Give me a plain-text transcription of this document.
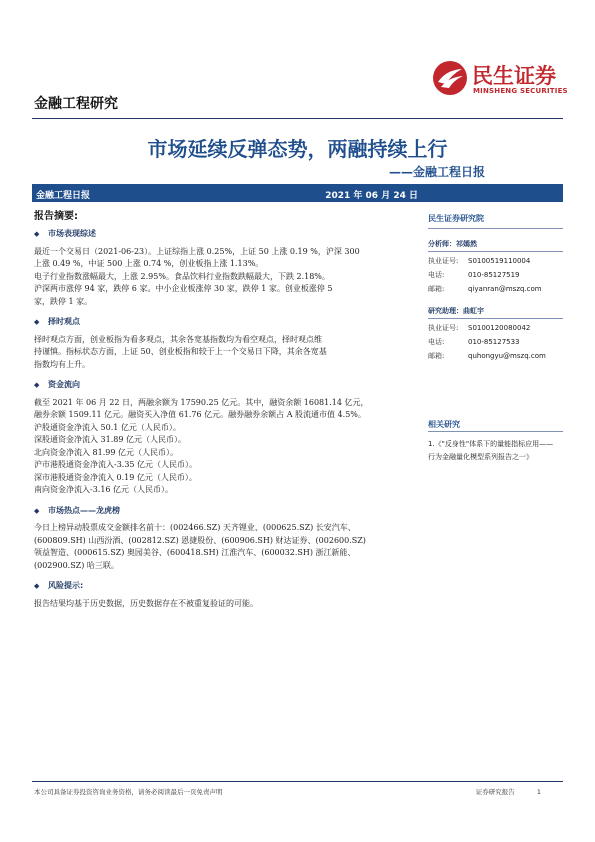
民生证券
MINSHENG SECURITIES
金融工程研究
市场延续反弹态势，两融持续上行
——金融工程日报
金融工程日报	2021 年 06 月 24 日
报告摘要:
◆	市场表现综述
最近一个交易日（2021-06-23）。上证综指上涨 0.25%，上证 50 上涨 0.19 %，沪深 300
上涨 0.49 %，中证 500 上涨 0.74 %，创业板指上涨 1.13%。
电子行业指数涨幅最大，上涨 2.95%。食品饮料行业指数跌幅最大，下跌 2.18%。
沪深两市涨停 94 家，跌停 6 家。中小企业板涨停 30 家，跌停 1 家。创业板涨停 5
家，跌停 1 家。
◆	择时观点
择时观点方面，创业板指为看多观点，其余各宽基指数均为看空观点，择时观点维
持谨慎。指标状态方面，上证 50、创业板指和较于上一个交易日下降，其余各宽基
指数均有上升。
◆	资金流向
截至 2021 年 06 月 22 日，两融余额为 17590.25 亿元。其中，融资余额 16081.14 亿元，
融券余额 1509.11 亿元。融资买入净值 61.76 亿元。融券融券余额占 A 股流通市值 4.5%。
沪股通资金净流入 50.1 亿元（人民币）。
深股通资金净流入 31.89 亿元（人民币）。
北向资金净流入 81.99 亿元（人民币）。
沪市港股通资金净流入-3.35 亿元（人民币）。
深市港股通资金净流入 0.19 亿元（人民币）。
南向资金净流入-3.16 亿元（人民币）。
◆	市场热点——龙虎榜
今日上榜异动股票成交金额排名前十：(002466.SZ) 天齐锂业、(000625.SZ) 长安汽车、
(600809.SH) 山西汾酒、(002812.SZ) 恩捷股份、(600906.SH) 财达证券、(002600.SZ)
领益智造、(000615.SZ) 奥园美谷、(600418.SH) 江淮汽车、(600032.SH) 浙江新能、
(002900.SZ) 哈三联。
◆	风险提示:
报告结果均基于历史数据，历史数据存在不被重复验证的可能。
民生证券研究院
分析师：祁嫣然
执业证号:	S0100519110004
电话:	010-85127519
邮箱:	qiyanran@mszq.com
研究助理：曲虹宇
执业证号:	S0100120080042
电话:	010-85127533
邮箱:	quhongyu@mszq.com
相关研究
1.《"反身性"体系下的量能指标应用——
行为金融量化模型系列报告之一》
本公司具备证券投资咨询业务资格，请务必阅读最后一页免责声明	证券研究报告	1
